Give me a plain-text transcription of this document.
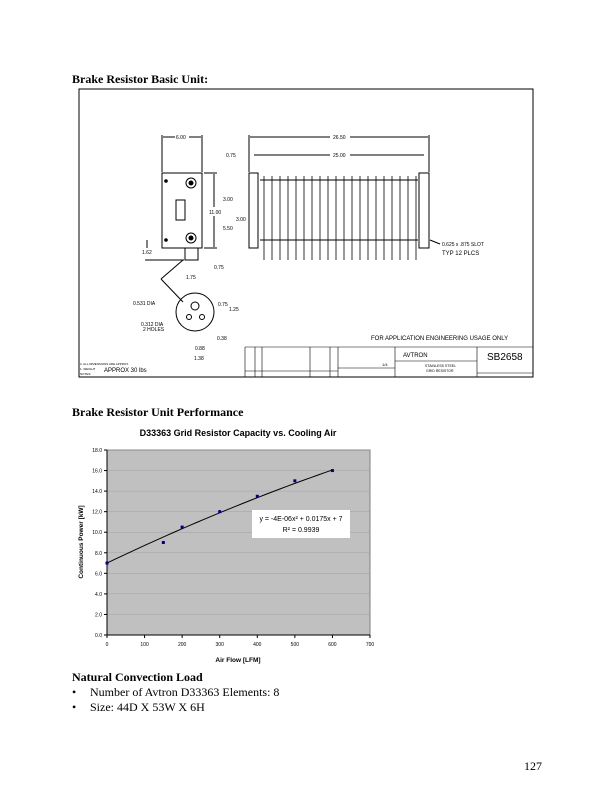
Brake Resistor Basic Unit:
6.00	26.50
0.75	25.00
3.00
11.00
3.00
5.50
1.62
0.75
1.75
0.75
1.25
0.38
0.88
1.38
0.531 DIA
0.312 DIA
2 HOLES
0.625 x .875 SLOT
TYP 12 PLCS
FOR APPLICATION ENGINEERING USAGE ONLY
2. ALL DIMENSIONS ARE APPROX.
1. WEIGHT
NOTES: APPROX 30 lbs
AVTRON
1/4	STAINLESS STEEL
GRID RESISTOR
SB2658
Brake Resistor Unit Performance
D33363 Grid Resistor Capacity vs. Cooling Air
0.0
2.0
4.0
6.0
8.0
10.0
12.0
14.0
16.0
18.0
0	100	200	300	400	500	600	700
y = -4E-06x² + 0.0175x + 7
R² = 0.9939
Air Flow [LFM]
Continuous Power [kW]
Natural Convection Load
• Number of Avtron D33363 Elements: 8
• Size: 44D X 53W X 6H
127
